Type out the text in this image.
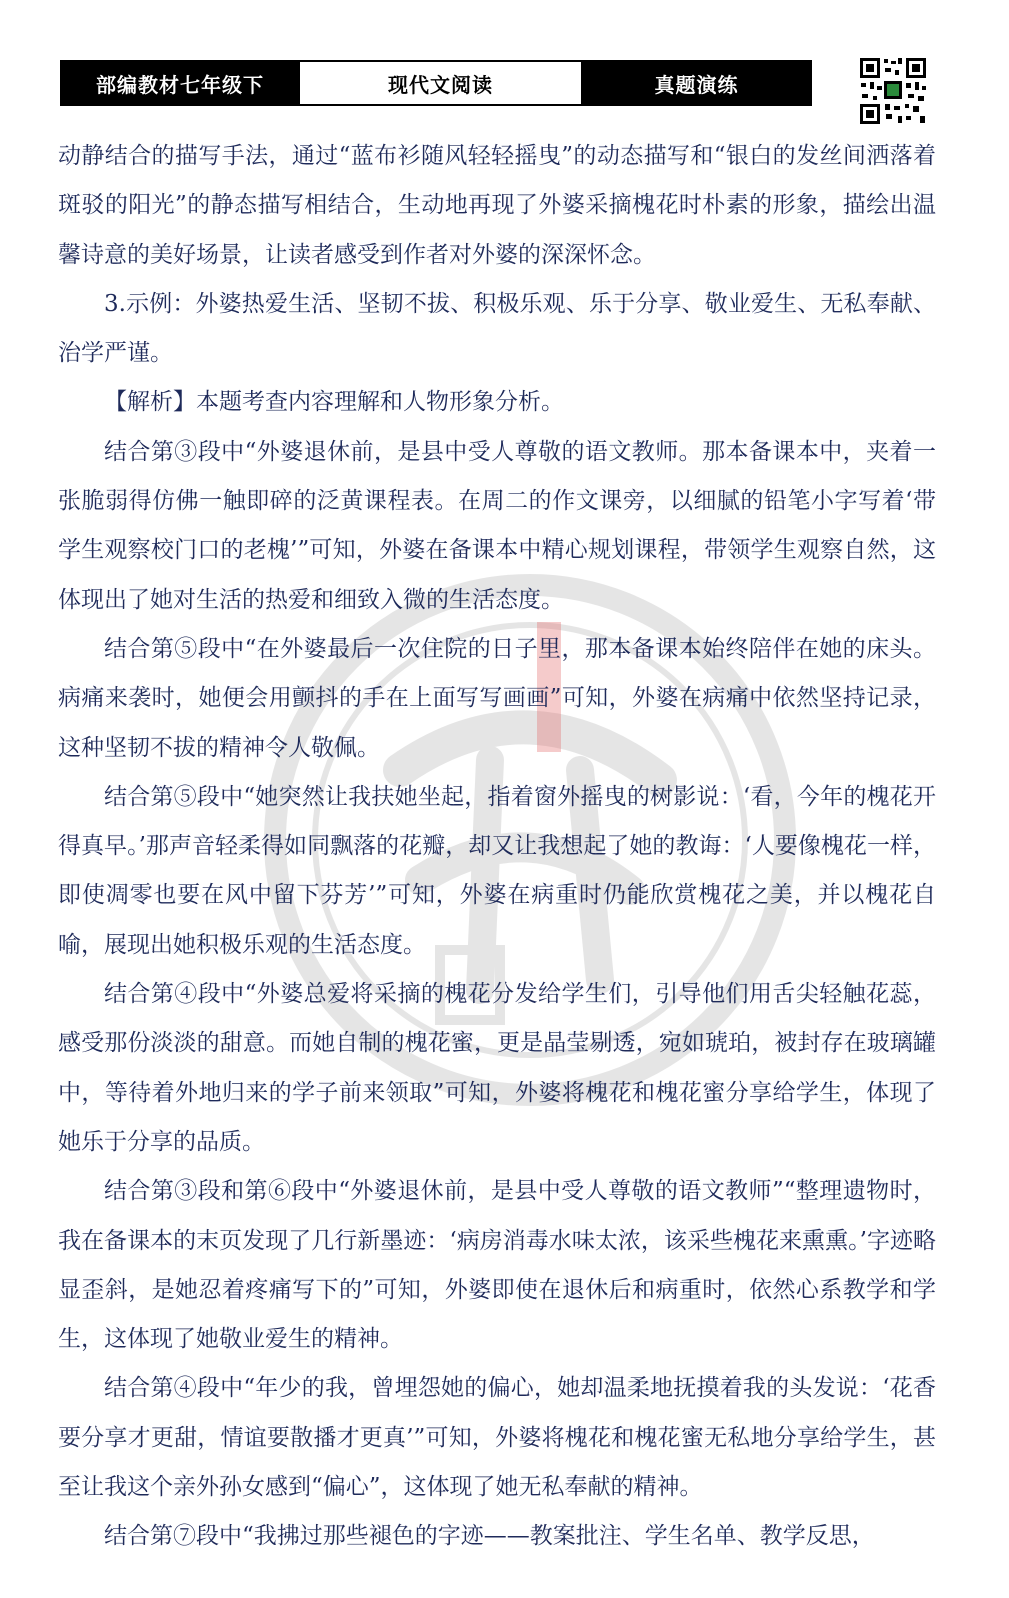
部编教材七年级下	现代文阅读	真题演练

动静结合的描写手法，通过“蓝布衫随风轻轻摇曳”的动态描写和“银白的发丝间洒落着斑驳的阳光”的静态描写相结合，生动地再现了外婆采摘槐花时朴素的形象，描绘出温馨诗意的美好场景，让读者感受到作者对外婆的深深怀念。

3.示例：外婆热爱生活、坚韧不拔、积极乐观、乐于分享、敬业爱生、无私奉献、治学严谨。

【解析】本题考查内容理解和人物形象分析。

结合第③段中“外婆退休前，是县中受人尊敬的语文教师。那本备课本中，夹着一张脆弱得仿佛一触即碎的泛黄课程表。在周二的作文课旁，以细腻的铅笔小字写着‘带学生观察校门口的老槐’”可知，外婆在备课本中精心规划课程，带领学生观察自然，这体现出了她对生活的热爱和细致入微的生活态度。

结合第⑤段中“在外婆最后一次住院的日子里，那本备课本始终陪伴在她的床头。病痛来袭时，她便会用颤抖的手在上面写写画画”可知，外婆在病痛中依然坚持记录，这种坚韧不拔的精神令人敬佩。

结合第⑤段中“她突然让我扶她坐起，指着窗外摇曳的树影说：‘看，今年的槐花开得真早。’那声音轻柔得如同飘落的花瓣，却又让我想起了她的教诲：‘人要像槐花一样，即使凋零也要在风中留下芬芳’”可知，外婆在病重时仍能欣赏槐花之美，并以槐花自喻，展现出她积极乐观的生活态度。

结合第④段中“外婆总爱将采摘的槐花分发给学生们，引导他们用舌尖轻触花蕊，感受那份淡淡的甜意。而她自制的槐花蜜，更是晶莹剔透，宛如琥珀，被封存在玻璃罐中，等待着外地归来的学子前来领取”可知，外婆将槐花和槐花蜜分享给学生，体现了她乐于分享的品质。

结合第③段和第⑥段中“外婆退休前，是县中受人尊敬的语文教师”“整理遗物时，我在备课本的末页发现了几行新墨迹：‘病房消毒水味太浓，该采些槐花来熏熏。’字迹略显歪斜，是她忍着疼痛写下的”可知，外婆即使在退休后和病重时，依然心系教学和学生，这体现了她敬业爱生的精神。

结合第④段中“年少的我，曾埋怨她的偏心，她却温柔地抚摸着我的头发说：‘花香要分享才更甜，情谊要散播才更真’”可知，外婆将槐花和槐花蜜无私地分享给学生，甚至让我这个亲外孙女感到“偏心”，这体现了她无私奉献的精神。

结合第⑦段中“我拂过那些褪色的字迹——教案批注、学生名单、教学反思，
